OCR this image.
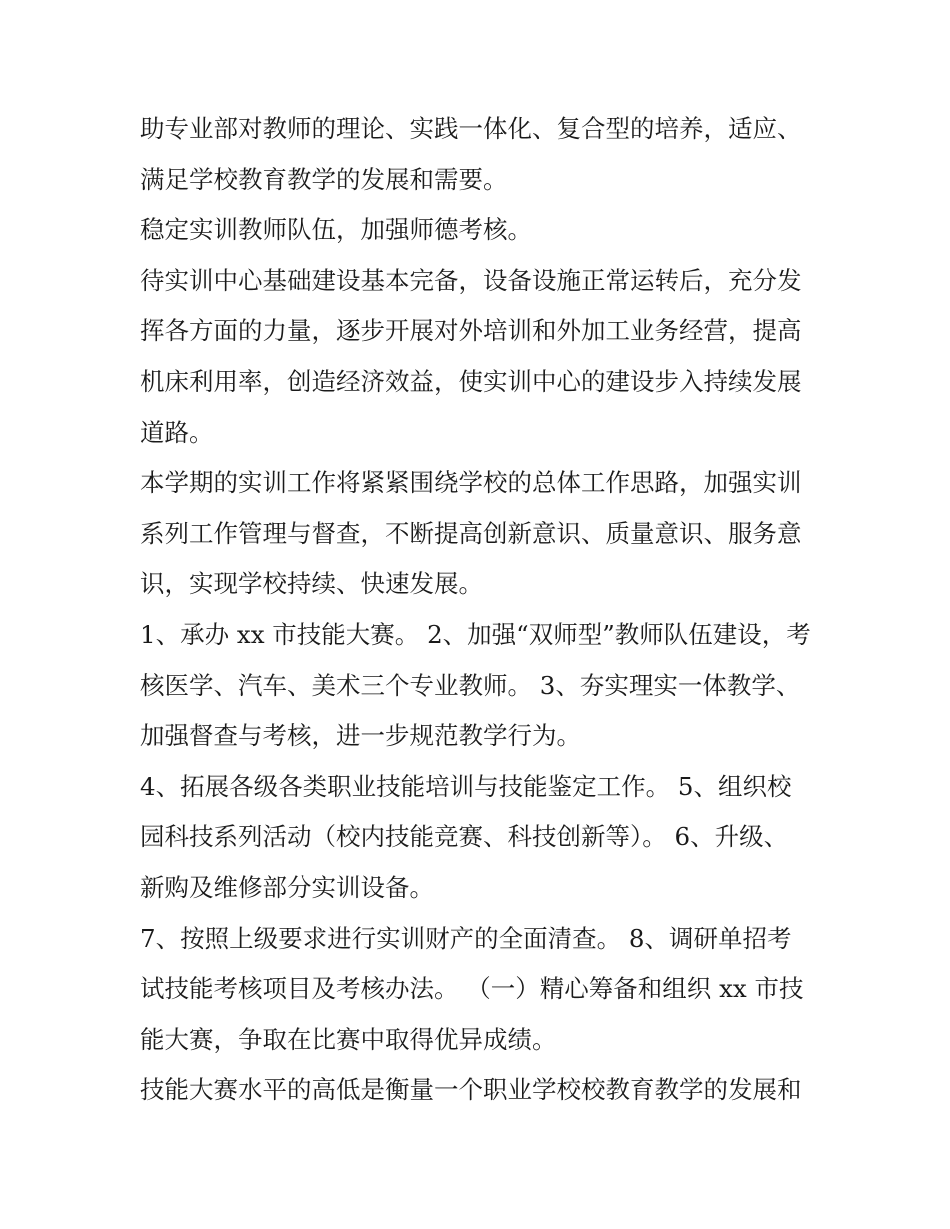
助专业部对教师的理论、实践一体化、复合型的培养，适应、
满足学校教育教学的发展和需要。
稳定实训教师队伍，加强师德考核。
待实训中心基础建设基本完备，设备设施正常运转后，充分发
挥各方面的力量，逐步开展对外培训和外加工业务经营，提高
机床利用率，创造经济效益，使实训中心的建设步入持续发展
道路。
本学期的实训工作将紧紧围绕学校的总体工作思路，加强实训
系列工作管理与督查，不断提高创新意识、质量意识、服务意
识，实现学校持续、快速发展。
1、承办 xx 市技能大赛。 2、加强“双师型”教师队伍建设，考
核医学、汽车、美术三个专业教师。 3、夯实理实一体教学、
加强督查与考核，进一步规范教学行为。
4、拓展各级各类职业技能培训与技能鉴定工作。 5、组织校
园科技系列活动（校内技能竞赛、科技创新等）。 6、升级、
新购及维修部分实训设备。
7、按照上级要求进行实训财产的全面清查。 8、调研单招考
试技能考核项目及考核办法。 （一）精心筹备和组织 xx 市技
能大赛，争取在比赛中取得优异成绩。
技能大赛水平的高低是衡量一个职业学校校教育教学的发展和
